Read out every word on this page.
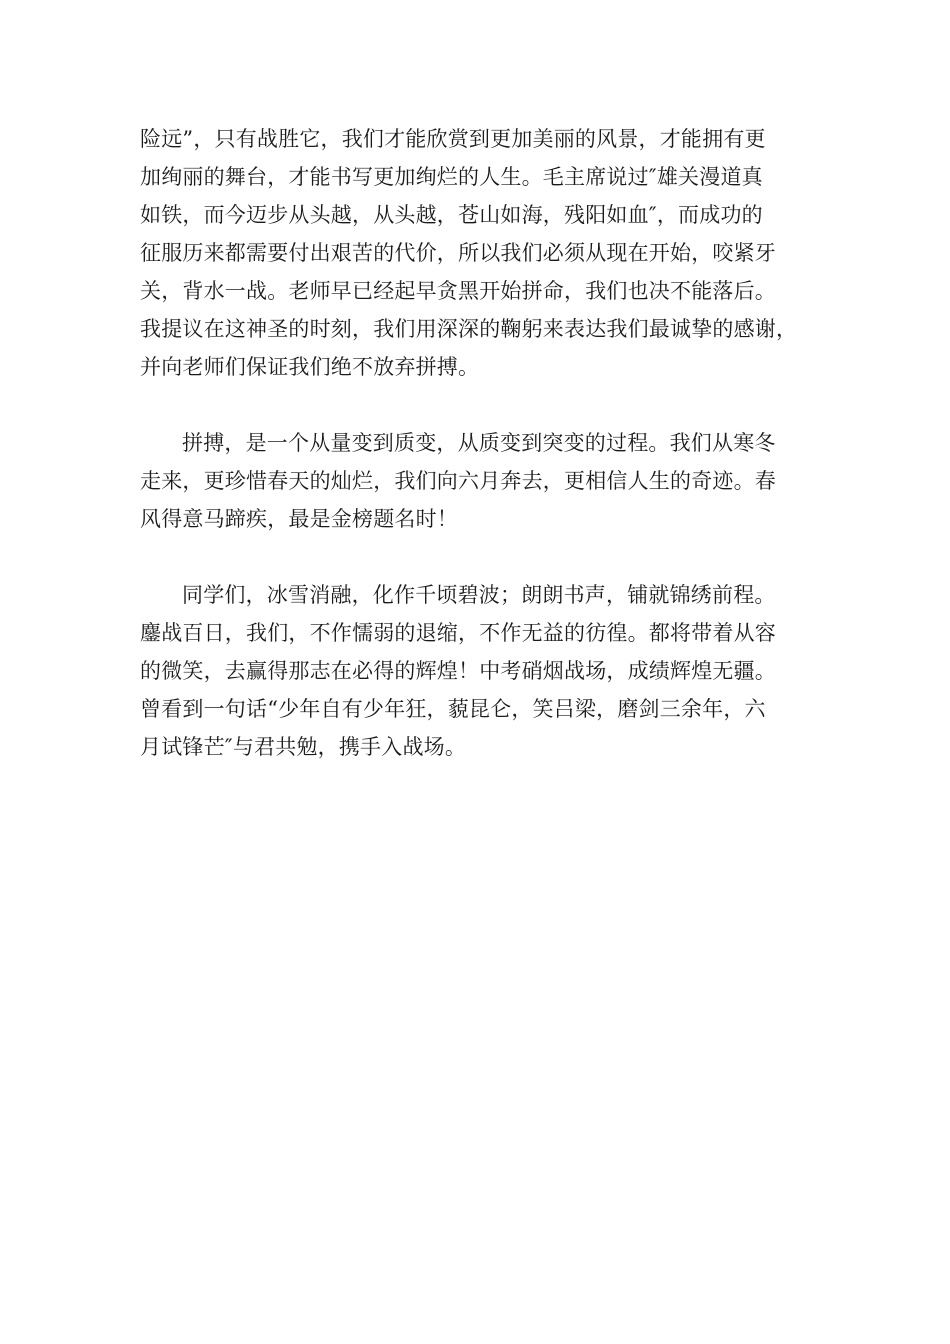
险远”，只有战胜它，我们才能欣赏到更加美丽的风景，才能拥有更
加绚丽的舞台，才能书写更加绚烂的人生。毛主席说过″雄关漫道真
如铁，而今迈步从头越，从头越，苍山如海，残阳如血″，而成功的
征服历来都需要付出艰苦的代价，所以我们必须从现在开始，咬紧牙
关，背水一战。老师早已经起早贪黑开始拼命，我们也决不能落后。
我提议在这神圣的时刻，我们用深深的鞠躬来表达我们最诚挚的感谢，
并向老师们保证我们绝不放弃拼搏。
拼搏，是一个从量变到质变，从质变到突变的过程。我们从寒冬
走来，更珍惜春天的灿烂，我们向六月奔去，更相信人生的奇迹。春
风得意马蹄疾，最是金榜题名时！
同学们，冰雪消融，化作千顷碧波；朗朗书声，铺就锦绣前程。
鏖战百日，我们，不作懦弱的退缩，不作无益的彷徨。都将带着从容
的微笑，去赢得那志在必得的辉煌！中考硝烟战场，成绩辉煌无疆。
曾看到一句话“少年自有少年狂，藐昆仑，笑吕梁，磨剑三余年，六
月试锋芒″与君共勉，携手入战场。
